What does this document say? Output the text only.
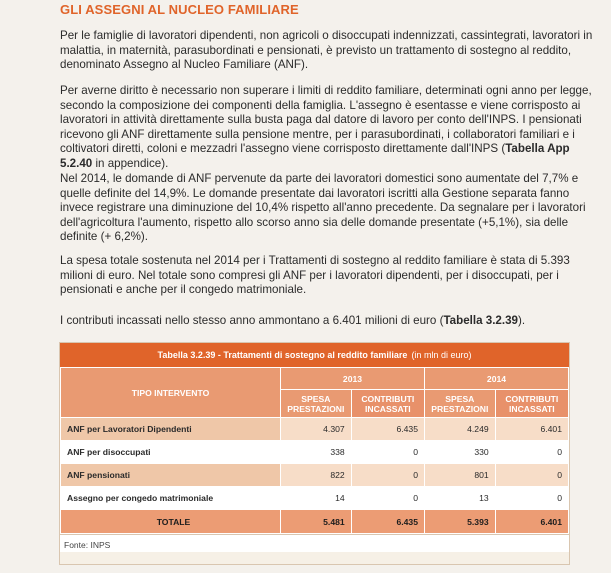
GLI ASSEGNI AL NUCLEO FAMILIARE

Per le famiglie di lavoratori dipendenti, non agricoli o disoccupati indennizzati, cassintegrati, lavoratori in malattia, in maternità, parasubordinati e pensionati, è previsto un trattamento di sostegno al reddito, denominato Assegno al Nucleo Familiare (ANF).

Per averne diritto è necessario non superare i limiti di reddito familiare, determinati ogni anno per legge, secondo la composizione dei componenti della famiglia. L'assegno è esentasse e viene corrisposto ai lavoratori in attività direttamente sulla busta paga dal datore di lavoro per conto dell'INPS. I pensionati ricevono gli ANF direttamente sulla pensione mentre, per i parasubordinati, i collaboratori familiari e i coltivatori diretti, coloni e mezzadri l'assegno viene corrisposto direttamente dall'INPS (Tabella App 5.2.40 in appendice).

Nel 2014, le domande di ANF pervenute da parte dei lavoratori domestici sono aumentate del 7,7% e quelle definite del 14,9%. Le domande presentate dai lavoratori iscritti alla Gestione separata fanno invece registrare una diminuzione del 10,4% rispetto all'anno precedente. Da segnalare per i lavoratori dell'agricoltura l'aumento, rispetto allo scorso anno sia delle domande presentate (+5,1%), sia delle definite (+ 6,2%).

La spesa totale sostenuta nel 2014 per i Trattamenti di sostegno al reddito familiare è stata di 5.393 milioni di euro. Nel totale sono compresi gli ANF per i lavoratori dipendenti, per i disoccupati, per i pensionati e anche per il congedo matrimoniale.

I contributi incassati nello stesso anno ammontano a 6.401 milioni di euro (Tabella 3.2.39).

Tabella 3.2.39 - Trattamenti di sostegno al reddito familiare (in mln di euro)
TIPO INTERVENTO	2013		2014	
	SPESA PRESTAZIONI	CONTRIBUTI INCASSATI	SPESA PRESTAZIONI	CONTRIBUTI INCASSATI
ANF per Lavoratori Dipendenti	4.307	6.435	4.249	6.401
ANF per disoccupati	338	0	330	0
ANF pensionati	822	0	801	0
Assegno per congedo matrimoniale	14	0	13	0
TOTALE	5.481	6.435	5.393	6.401
Fonte: INPS
